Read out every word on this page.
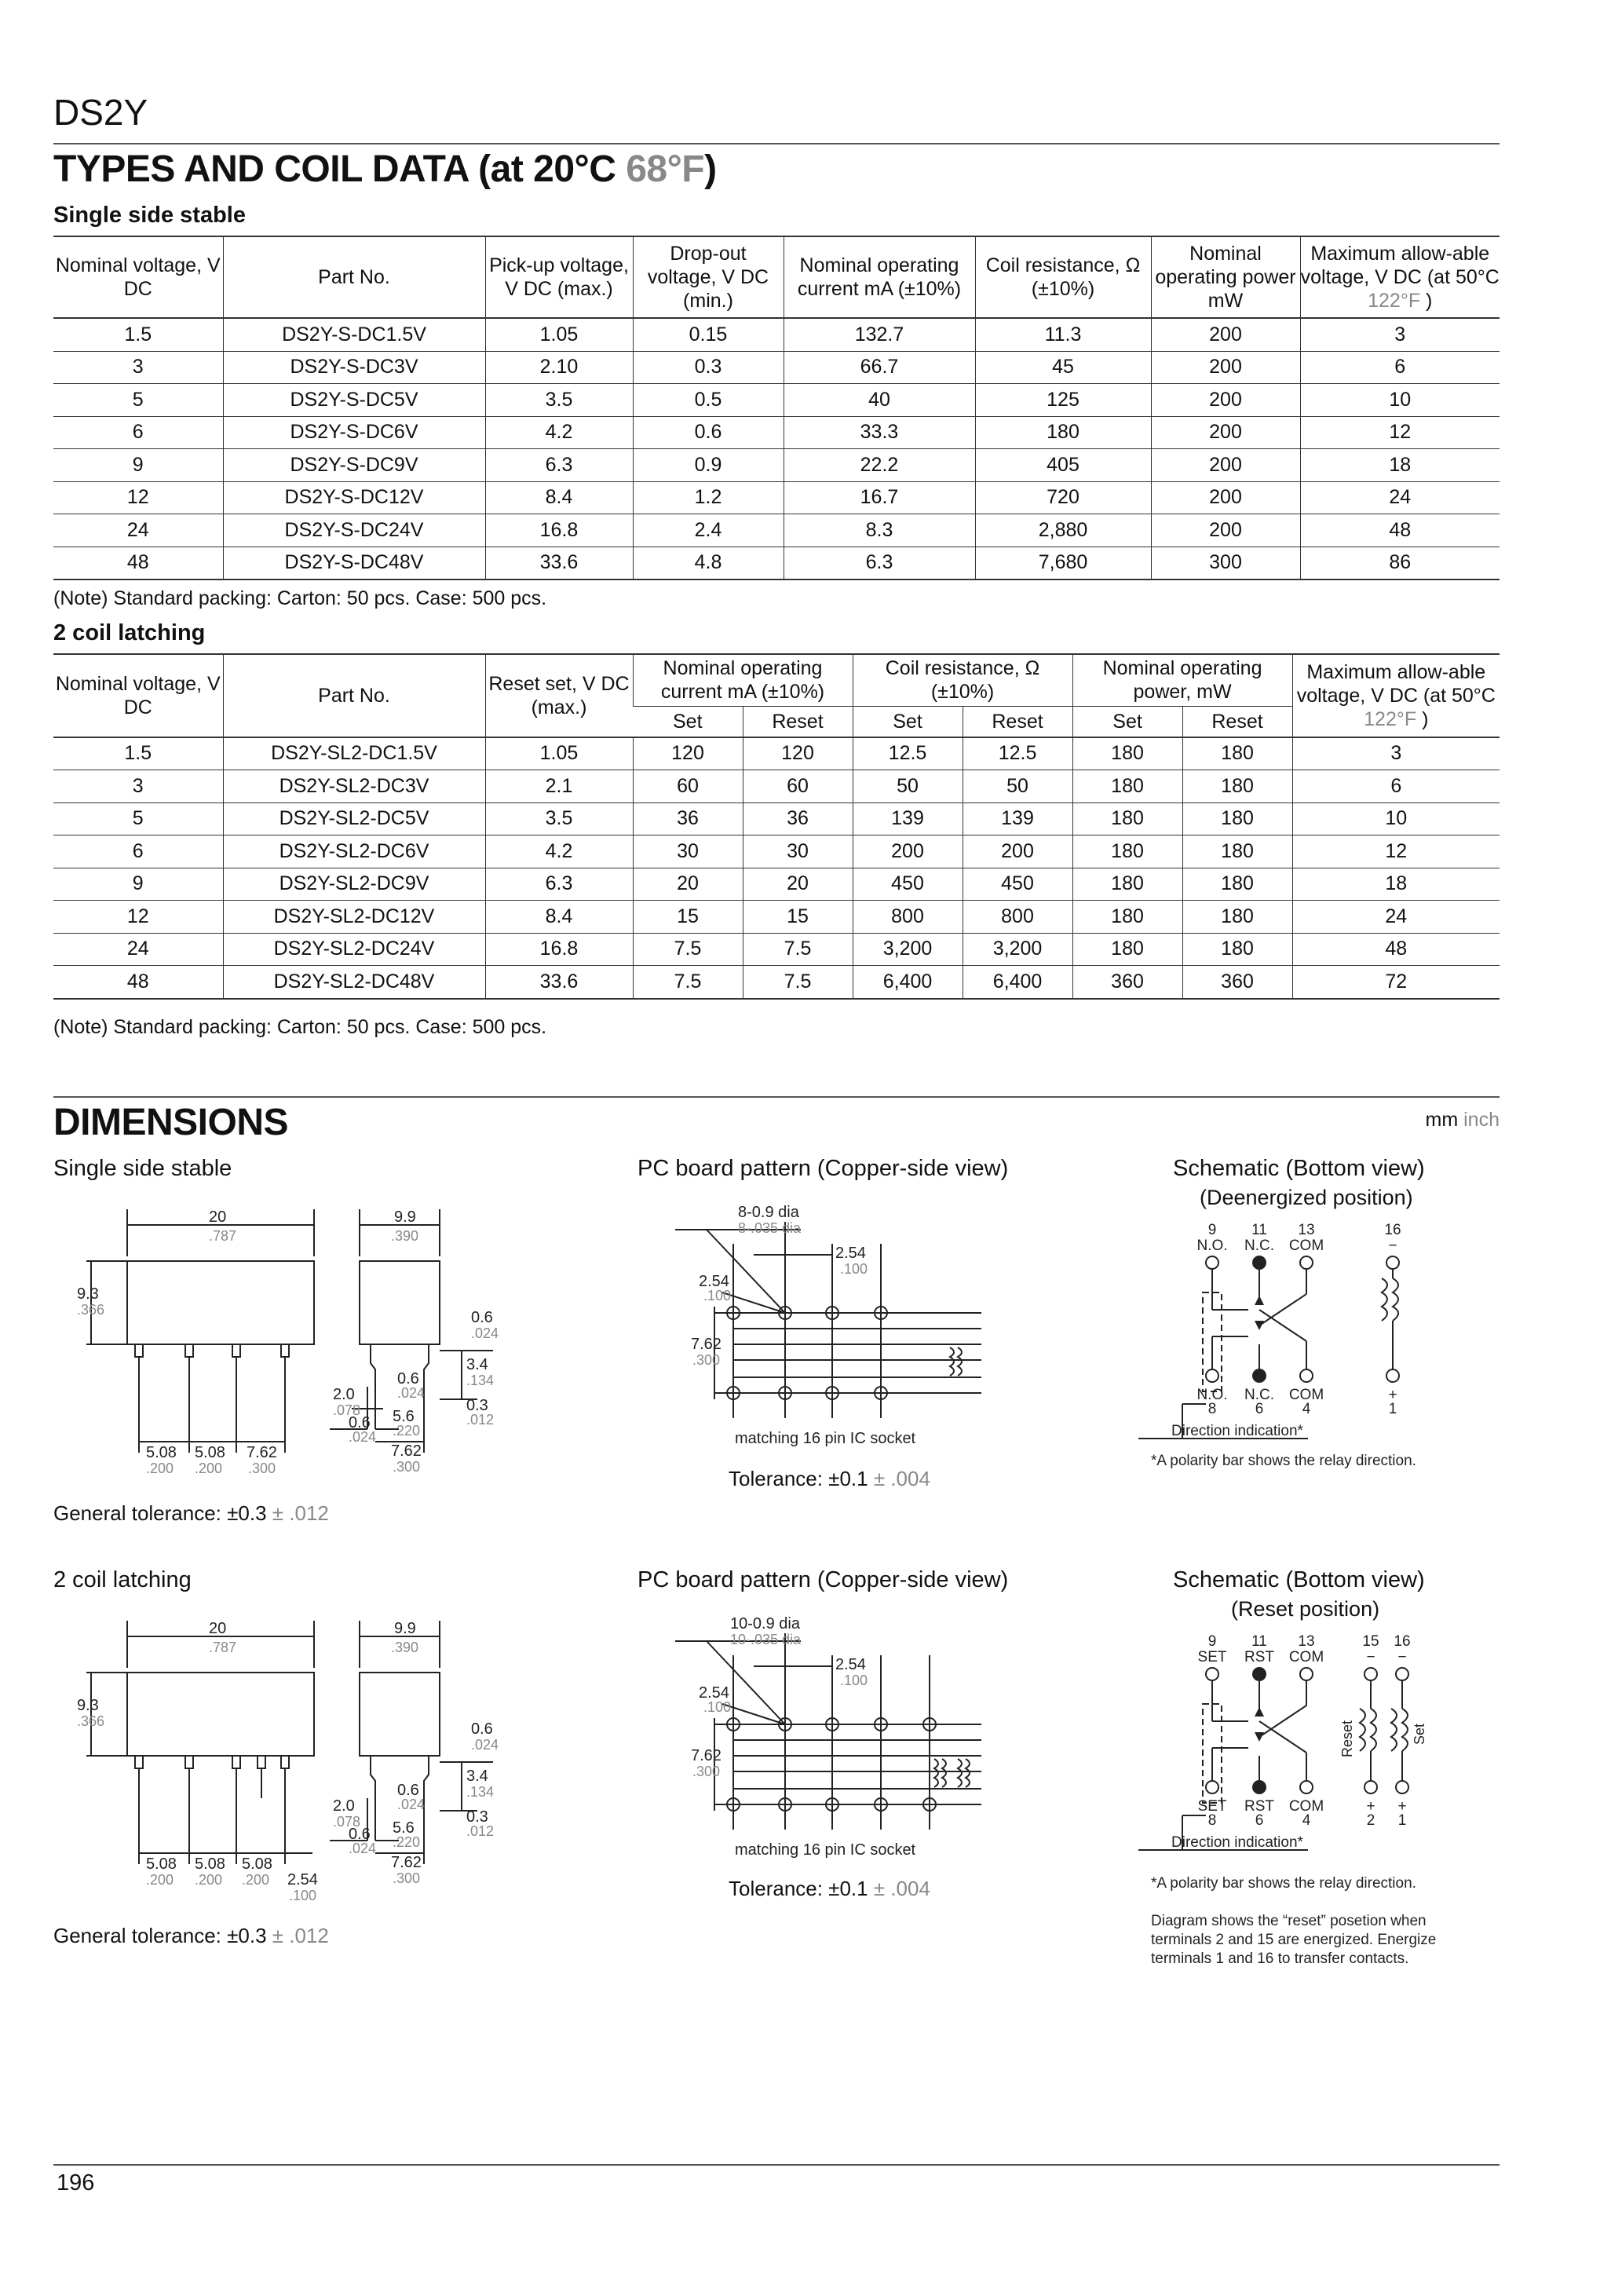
DS2Y
TYPES AND COIL DATA (at 20°C 68°F)
Single side stable
Nominal voltage, V DC	Part No.	Pick-up voltage, V DC (max.)	Drop-out voltage, V DC (min.)	Nominal operating current mA (±10%)	Coil resistance, Ω (±10%)	Nominal operating power mW	Maximum allow-able voltage, V DC (at 50°C 122°F )
1.5	DS2Y-S-DC1.5V	1.05	0.15	132.7	11.3	200	3
3	DS2Y-S-DC3V	2.10	0.3	66.7	45	200	6
5	DS2Y-S-DC5V	3.5	0.5	40	125	200	10
6	DS2Y-S-DC6V	4.2	0.6	33.3	180	200	12
9	DS2Y-S-DC9V	6.3	0.9	22.2	405	200	18
12	DS2Y-S-DC12V	8.4	1.2	16.7	720	200	24
24	DS2Y-S-DC24V	16.8	2.4	8.3	2,880	200	48
48	DS2Y-S-DC48V	33.6	4.8	6.3	7,680	300	86
(Note) Standard packing: Carton: 50 pcs. Case: 500 pcs.
2 coil latching
Nominal voltage, V DC	Part No.	Reset set, V DC (max.)	Nominal operating current mA (±10%)		Coil resistance, Ω (±10%)		Nominal operating power, mW		Maximum allow-able voltage, V DC (at 50°C 122°F )
			Set	Reset	Set	Reset	Set	Reset	
1.5	DS2Y-SL2-DC1.5V	1.05	120	120	12.5	12.5	180	180	3
3	DS2Y-SL2-DC3V	2.1	60	60	50	50	180	180	6
5	DS2Y-SL2-DC5V	3.5	36	36	139	139	180	180	10
6	DS2Y-SL2-DC6V	4.2	30	30	200	200	180	180	12
9	DS2Y-SL2-DC9V	6.3	20	20	450	450	180	180	18
12	DS2Y-SL2-DC12V	8.4	15	15	800	800	180	180	24
24	DS2Y-SL2-DC24V	16.8	7.5	7.5	3,200	3,200	180	180	48
48	DS2Y-SL2-DC48V	33.6	7.5	7.5	6,400	6,400	360	360	72
(Note) Standard packing: Carton: 50 pcs. Case: 500 pcs.
DIMENSIONS	mm inch
Single side stable	PC board pattern (Copper-side view)	Schematic (Bottom view)
(Deenergized position)
20
.787
9.9
.390
9.3
.366	0.6
.024
3.4
.134
0.6
.024
2.0
.078
0.6
.024
5.6
.220
0.3
.012
7.62
.300
5.08
.200
5.08
.200
7.62
.300
General tolerance: ±0.3 ± .012
8-0.9 dia
8-.035 dia
2.54
.100
2.54
.100
7.62
.300
matching 16 pin IC socket
Tolerance: ±0.1 ± .004
9 11 13	16
N.O. N.C. COM	−
N.O. N.C. COM	+
8	6	4	1
Direction indication*
*A polarity bar shows the relay direction.
2 coil latching	PC board pattern (Copper-side view)	Schematic (Bottom view)
(Reset position)
20
.787
9.9
.390
9.3
.366	0.6
.024
3.4
.134
0.6
.024
2.0
.078
0.6
.024
5.6
.220
0.3
.012
7.62
.300
5.08
.200
5.08
.200
5.08
.200 2.54
.100
General tolerance: ±0.3 ± .012
10-0.9 dia
10-.035 dia
2.54
.100
2.54
.100
7.62
.300
matching 16 pin IC socket
Tolerance: ±0.1 ± .004
9 11 13	15 16
SET RST COM	− −
SET RST COM	+ +
8	6	4	2 1
Reset	Set
Direction indication*
*A polarity bar shows the relay direction.
Diagram shows the “reset” posetion when
terminals 2 and 15 are energized. Energize
terminals 1 and 16 to transfer contacts.
196
